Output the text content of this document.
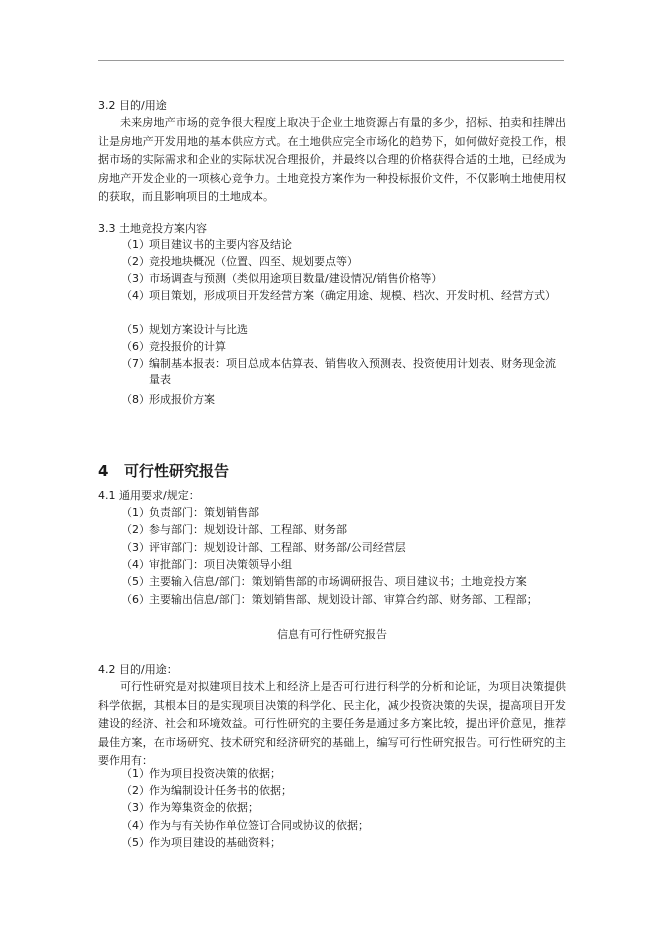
3.2 目的/用途
未来房地产市场的竞争很大程度上取决于企业土地资源占有量的多少，招标、拍卖和挂牌出让是房地产开发用地的基本供应方式。在土地供应完全市场化的趋势下，如何做好竞投工作，根据市场的实际需求和企业的实际状况合理报价，并最终以合理的价格获得合适的土地，已经成为房地产开发企业的一项核心竞争力。土地竞投方案作为一种投标报价文件，不仅影响土地使用权的获取，而且影响项目的土地成本。
3.3 土地竞投方案内容
（1） 项目建议书的主要内容及结论
（2） 竞投地块概况（位置、四至、规划要点等）
（3） 市场调查与预测（类似用途项目数量/建设情况/销售价格等）
（4） 项目策划，形成项目开发经营方案（确定用途、规模、档次、开发时机、经营方式）
（5） 规划方案设计与比选
（6） 竞投报价的计算
（7） 编制基本报表：项目总成本估算表、销售收入预测表、投资使用计划表、财务现金流量表
（8） 形成报价方案
4 可行性研究报告
4.1 通用要求/规定：
（1） 负责部门：策划销售部
（2） 参与部门：规划设计部、工程部、财务部
（3） 评审部门：规划设计部、工程部、财务部/公司经营层
（4） 审批部门：项目决策领导小组
（5） 主要输入信息/部门：策划销售部的市场调研报告、项目建议书；土地竞投方案
（6） 主要输出信息/部门：策划销售部、规划设计部、审算合约部、财务部、工程部；
信息有可行性研究报告
4.2 目的/用途：
可行性研究是对拟建项目技术上和经济上是否可行进行科学的分析和论证，为项目决策提供科学依据，其根本目的是实现项目决策的科学化、民主化，减少投资决策的失误，提高项目开发建设的经济、社会和环境效益。可行性研究的主要任务是通过多方案比较，提出评价意见，推荐最佳方案，在市场研究、技术研究和经济研究的基础上，编写可行性研究报告。可行性研究的主要作用有：
（1） 作为项目投资决策的依据；
（2） 作为编制设计任务书的依据；
（3） 作为筹集资金的依据；
（4） 作为与有关协作单位签订合同或协议的依据；
（5） 作为项目建设的基础资料；
